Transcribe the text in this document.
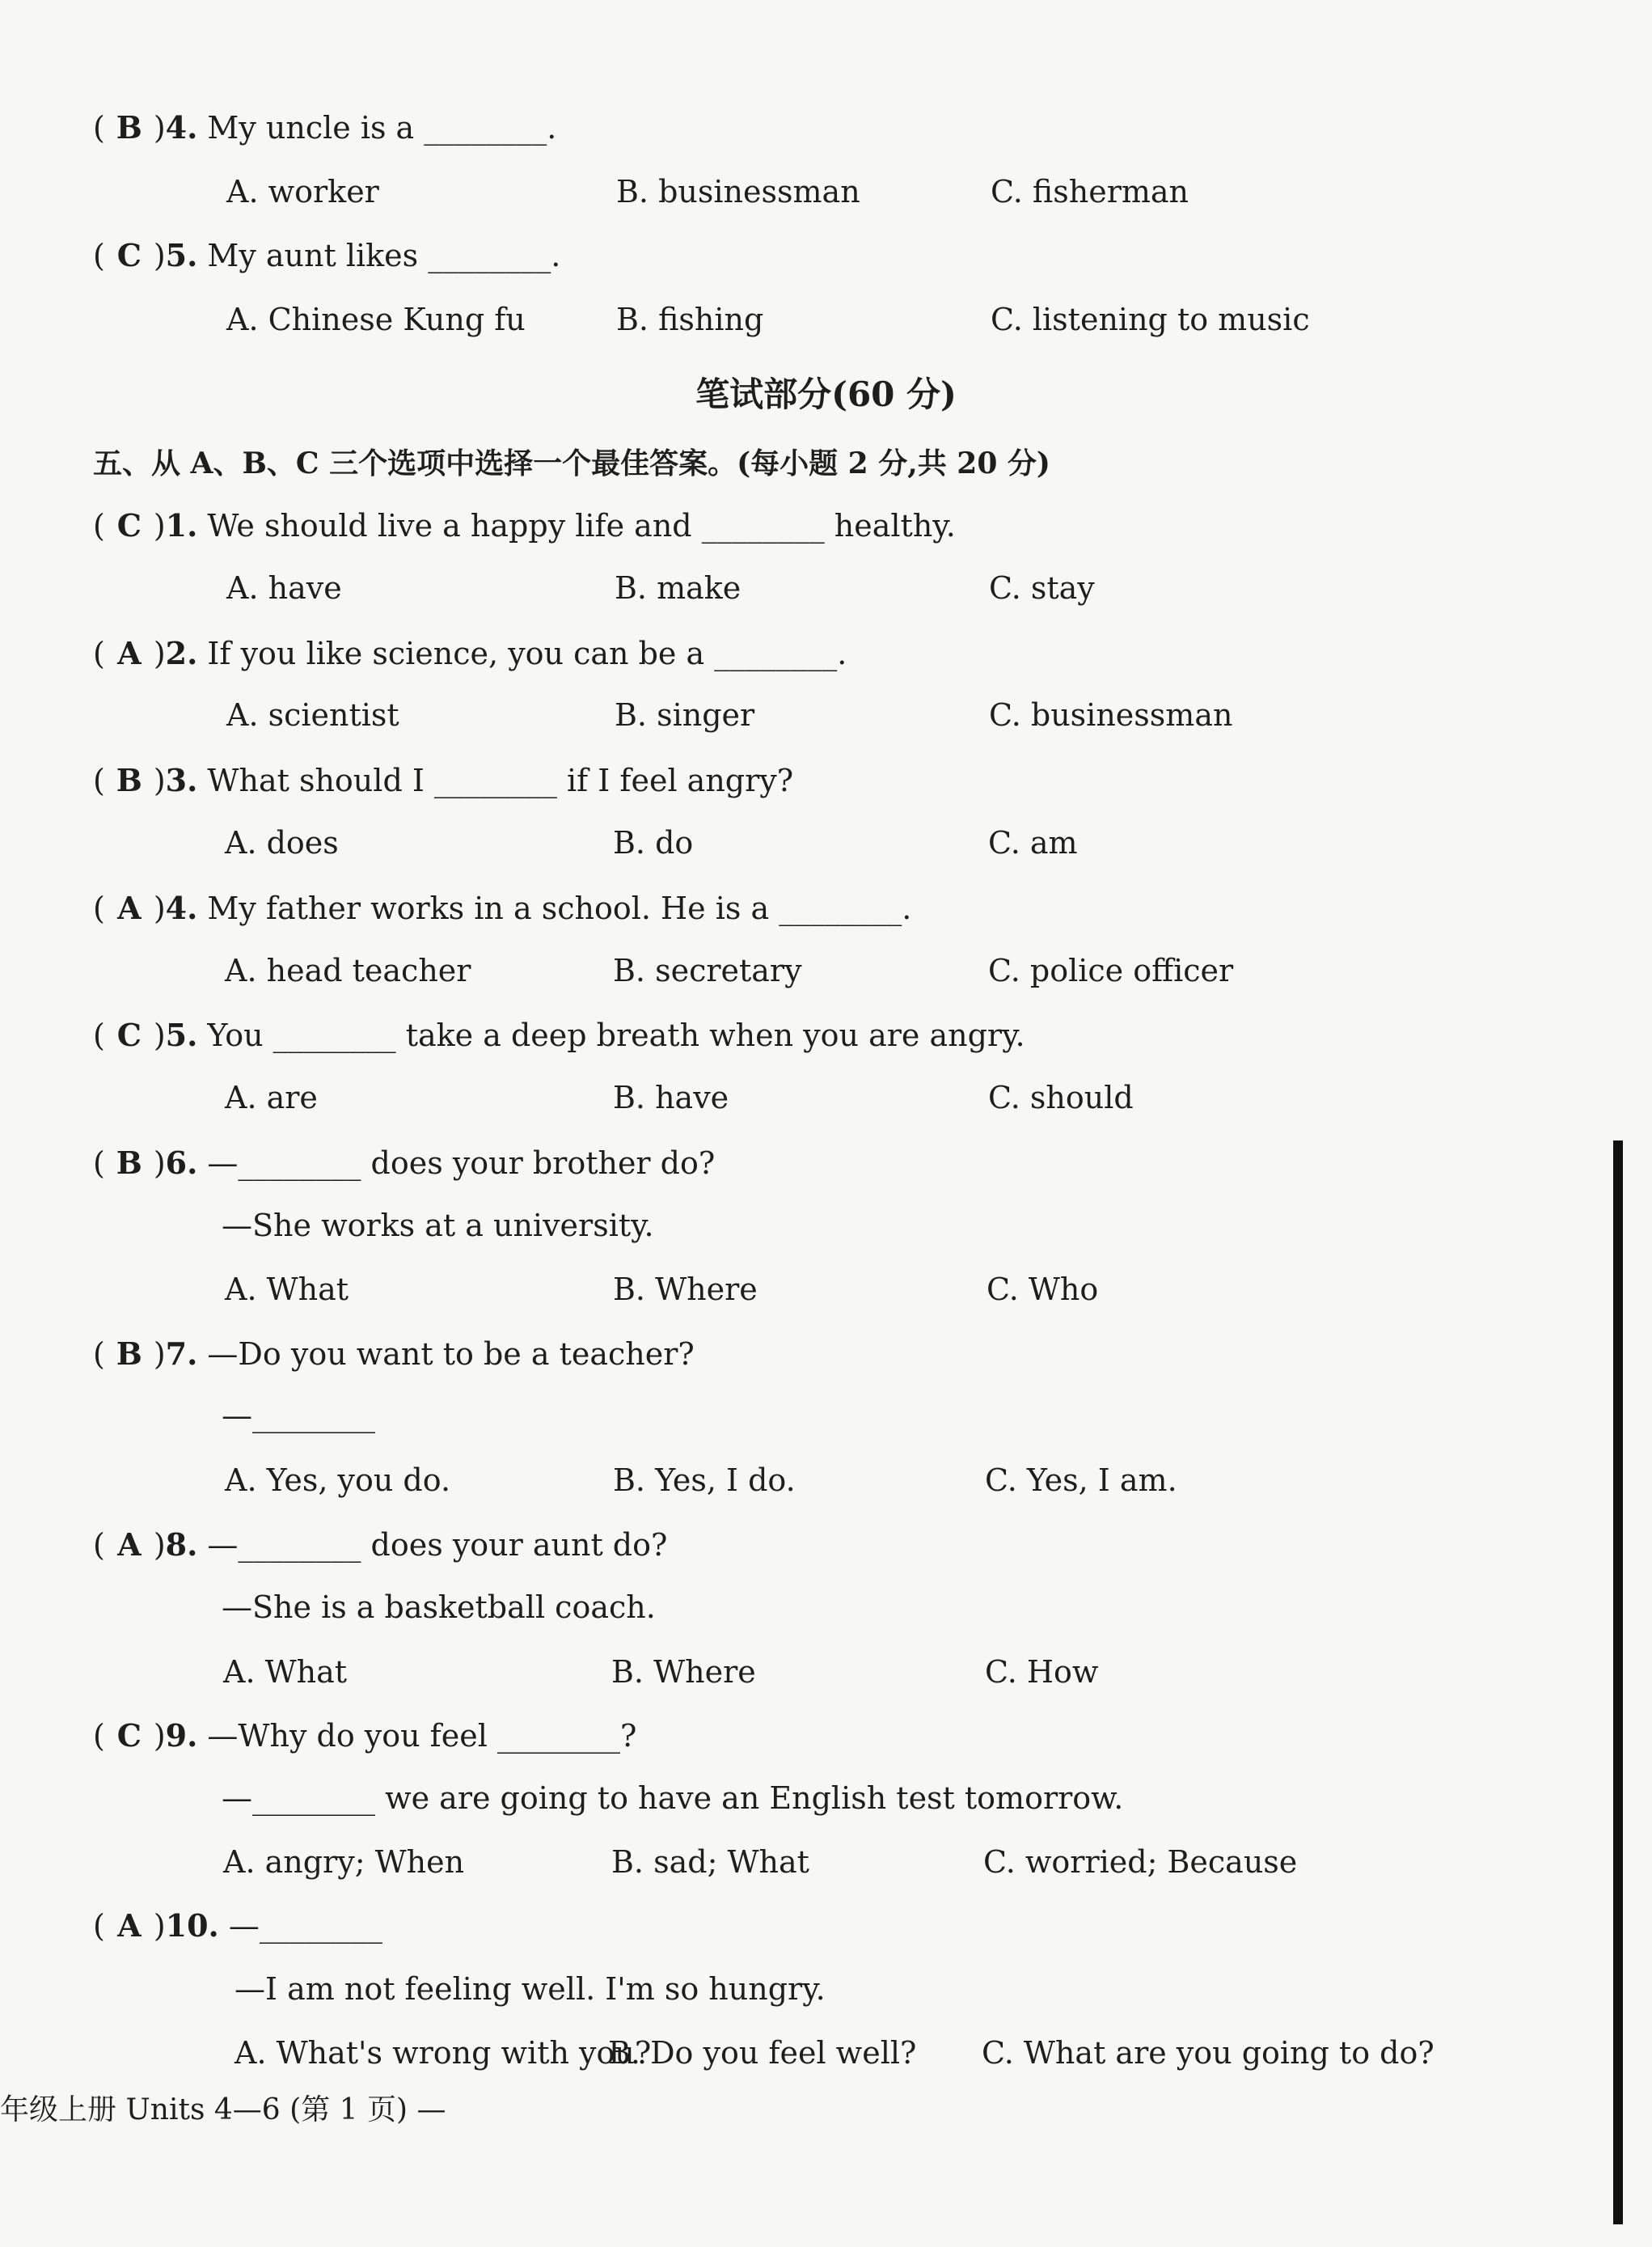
( B )4. My uncle is a ________.
A. worker	B. businessman	C. fisherman
( C )5. My aunt likes ________.
A. Chinese Kung fu	B. fishing	C. listening to music
笔试部分(60 分)
五、从 A、B、C 三个选项中选择一个最佳答案。(每小题 2 分,共 20 分)
( C )1. We should live a happy life and ________ healthy.
A. have	B. make	C. stay
( A )2. If you like science, you can be a ________.
A. scientist	B. singer	C. businessman
( B )3. What should I ________ if I feel angry?
A. does	B. do	C. am
( A )4. My father works in a school. He is a ________.
A. head teacher	B. secretary	C. police officer
( C )5. You ________ take a deep breath when you are angry.
A. are	B. have	C. should
( B )6. —________ does your brother do?
—She works at a university.
A. What	B. Where	C. Who
( B )7. —Do you want to be a teacher?
—________
A. Yes, you do.	B. Yes, I do.	C. Yes, I am.
( A )8. —________ does your aunt do?
—She is a basketball coach.
A. What	B. Where	C. How
( C )9. —Why do you feel ________?
—________ we are going to have an English test tomorrow.
A. angry; When	B. sad; What	C. worried; Because
( A )10. —________
—I am not feeling well. I'm so hungry.
A. What's wrong with you?
B. Do you feel well? C. What are you going to do?
年级上册 Units 4—6 (第 1 页) —
